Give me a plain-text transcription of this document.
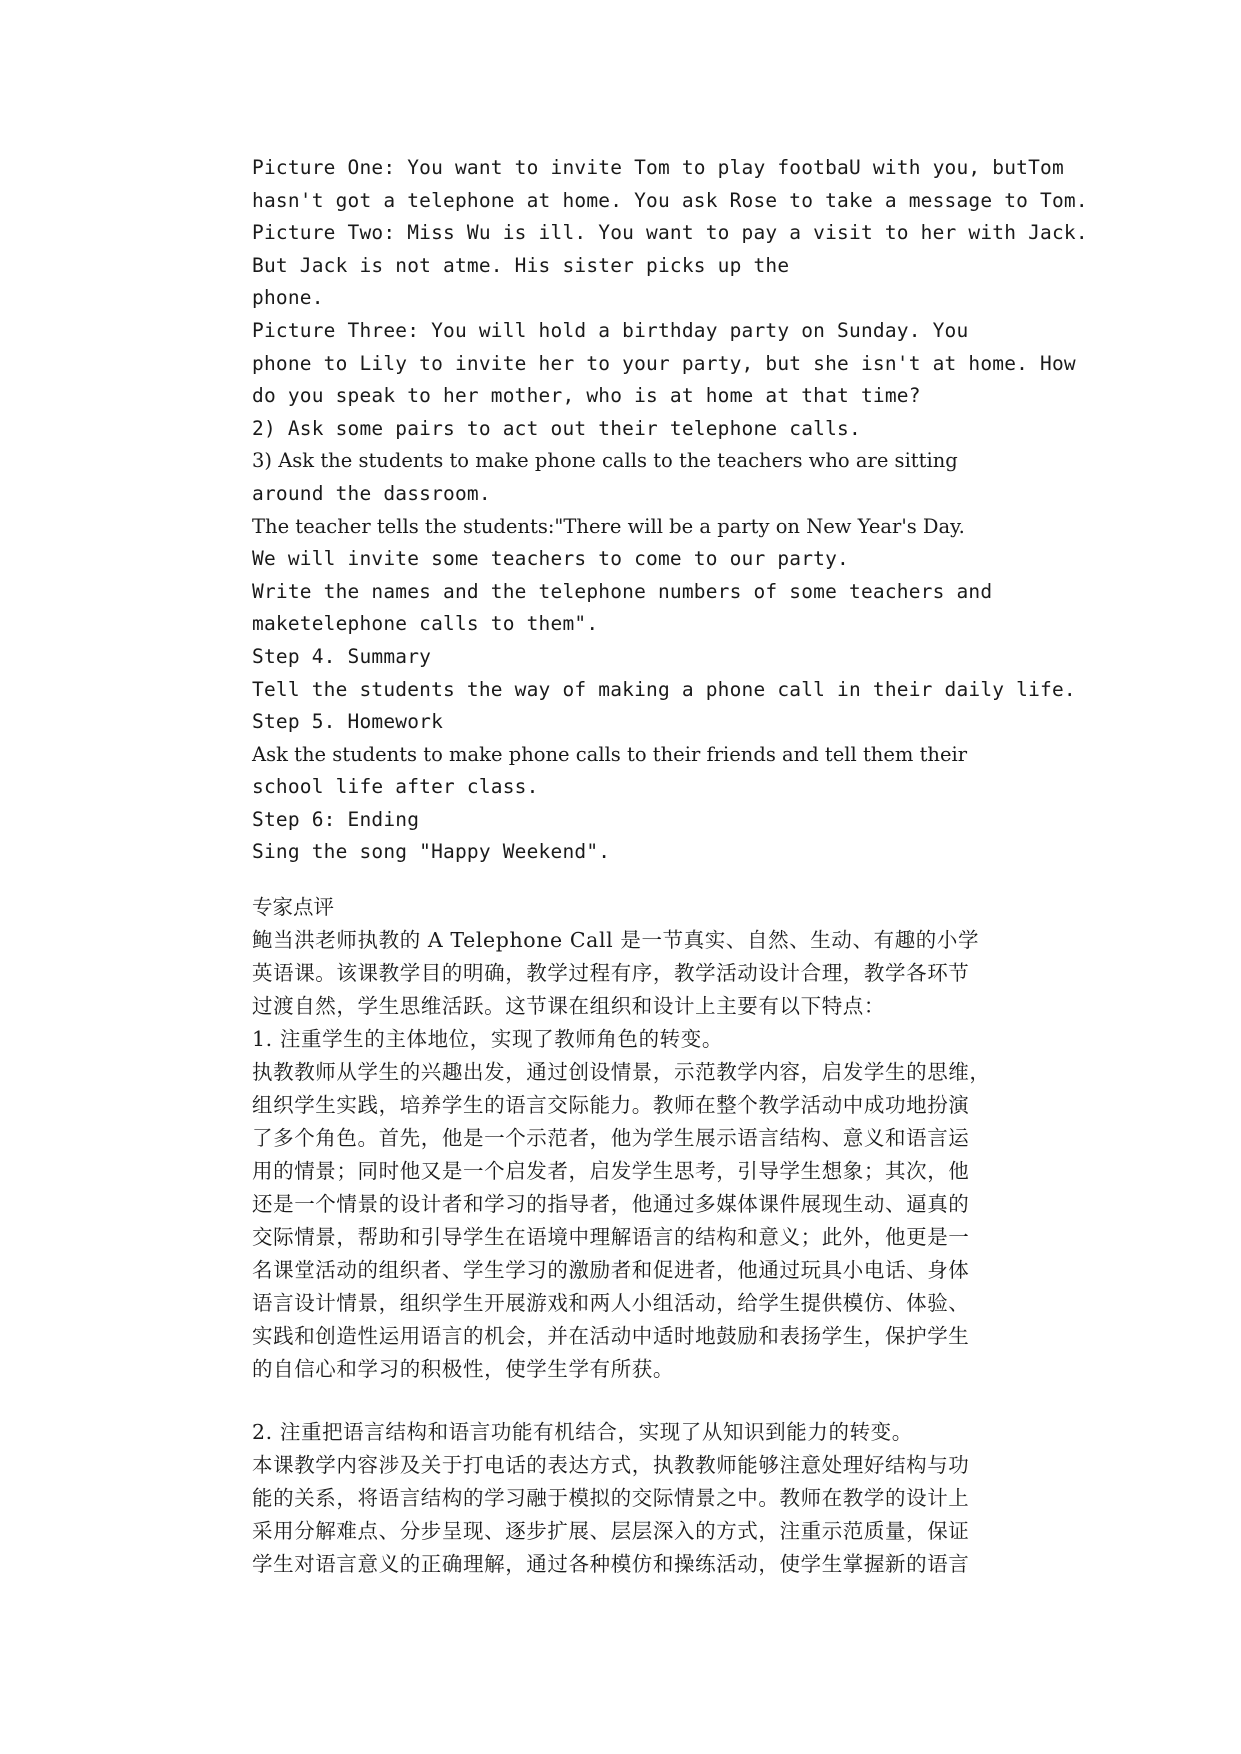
Picture One: You want to invite Tom to play footbaU with you, butTom
hasn't got a telephone at home. You ask Rose to take a message to Tom.
Picture Two: Miss Wu is ill. You want to pay a visit to her with Jack.
But Jack is not atme. His sister picks up the
phone.
Picture Three: You will hold a birthday party on Sunday. You
phone to Lily to invite her to your party, but she isn't at home. How
do you speak to her mother, who is at home at that time?
2) Ask some pairs to act out their telephone calls.
3) Ask the students to make phone calls to the teachers who are sitting
around the dassroom.
The teacher tells the students:"There will be a party on New Year's Day.
We will invite some teachers to come to our party.
Write the names and the telephone numbers of some teachers and
maketelephone calls to them".
Step 4. Summary
Tell the students the way of making a phone call in their daily life.
Step 5. Homework
Ask the students to make phone calls to their friends and tell them their
school life after class.
Step 6: Ending
Sing the song "Happy Weekend".
专家点评
鲍当洪老师执教的 A Telephone Call 是一节真实、自然、生动、有趣的小学
英语课。该课教学目的明确，教学过程有序，教学活动设计合理，教学各环节
过渡自然，学生思维活跃。这节课在组织和设计上主要有以下特点：
1. 注重学生的主体地位，实现了教师角色的转变。
执教教师从学生的兴趣出发，通过创设情景，示范教学内容，启发学生的思维，
组织学生实践，培养学生的语言交际能力。教师在整个教学活动中成功地扮演
了多个角色。首先，他是一个示范者，他为学生展示语言结构、意义和语言运
用的情景；同时他又是一个启发者，启发学生思考，引导学生想象；其次，他
还是一个情景的设计者和学习的指导者，他通过多媒体课件展现生动、逼真的
交际情景，帮助和引导学生在语境中理解语言的结构和意义；此外，他更是一
名课堂活动的组织者、学生学习的激励者和促进者，他通过玩具小电话、身体
语言设计情景，组织学生开展游戏和两人小组活动，给学生提供模仿、体验、
实践和创造性运用语言的机会，并在活动中适时地鼓励和表扬学生，保护学生
的自信心和学习的积极性，使学生学有所获。
2. 注重把语言结构和语言功能有机结合，实现了从知识到能力的转变。
本课教学内容涉及关于打电话的表达方式，执教教师能够注意处理好结构与功
能的关系，将语言结构的学习融于模拟的交际情景之中。教师在教学的设计上
采用分解难点、分步呈现、逐步扩展、层层深入的方式，注重示范质量，保证
学生对语言意义的正确理解，通过各种模仿和操练活动，使学生掌握新的语言
